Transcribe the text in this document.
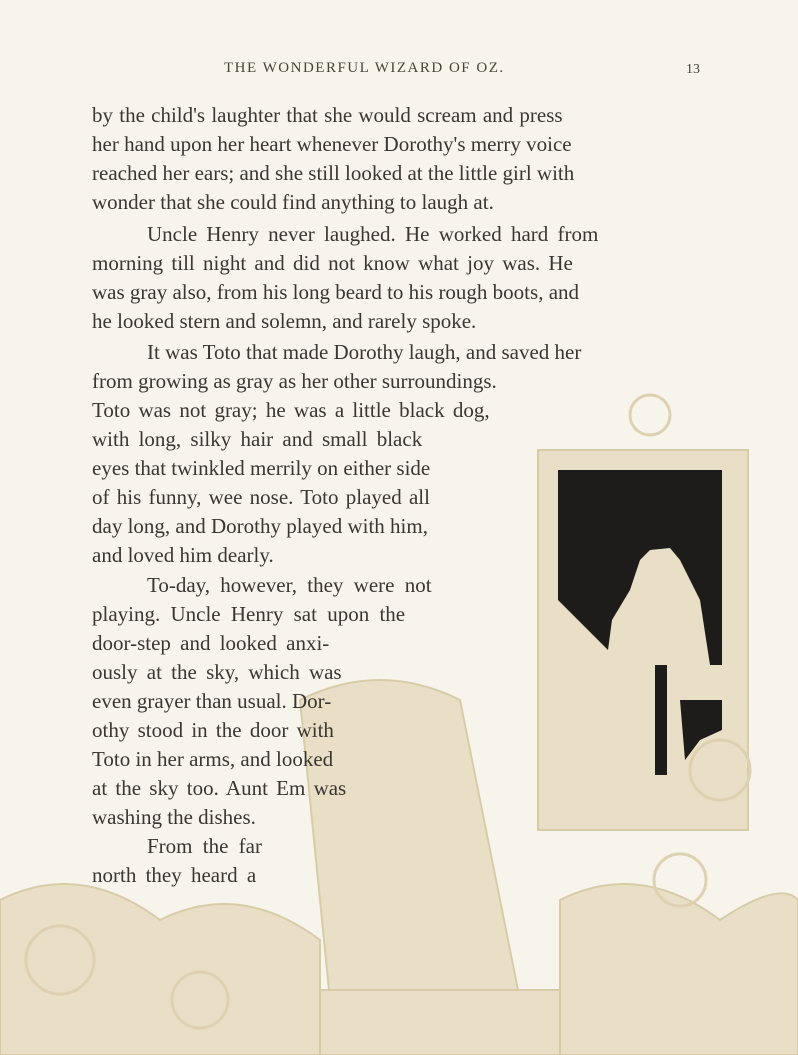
THE WONDERFUL WIZARD OF OZ.	13
by the child's laughter that she would scream and press
her hand upon her heart whenever Dorothy's merry voice
reached her ears; and she still looked at the little girl with
wonder that she could find anything to laugh at.
Uncle Henry never laughed. He worked hard from
morning till night and did not know what joy was. He
was gray also, from his long beard to his rough boots, and
he looked stern and solemn, and rarely spoke.
It was Toto that made Dorothy laugh, and saved her
from growing as gray as her other surroundings.
Toto was not gray; he was a little black dog,
with long, silky hair and small black
eyes that twinkled merrily on either side
of his funny, wee nose. Toto played all
day long, and Dorothy played with him,
and loved him dearly.
To-day, however, they were not
playing. Uncle Henry sat upon the
door-step and looked anxi-
ously at the sky, which was
even grayer than usual. Dor-
othy stood in the door with
Toto in her arms, and looked
at the sky too. Aunt Em was
washing the dishes.
From the far
north they heard a
